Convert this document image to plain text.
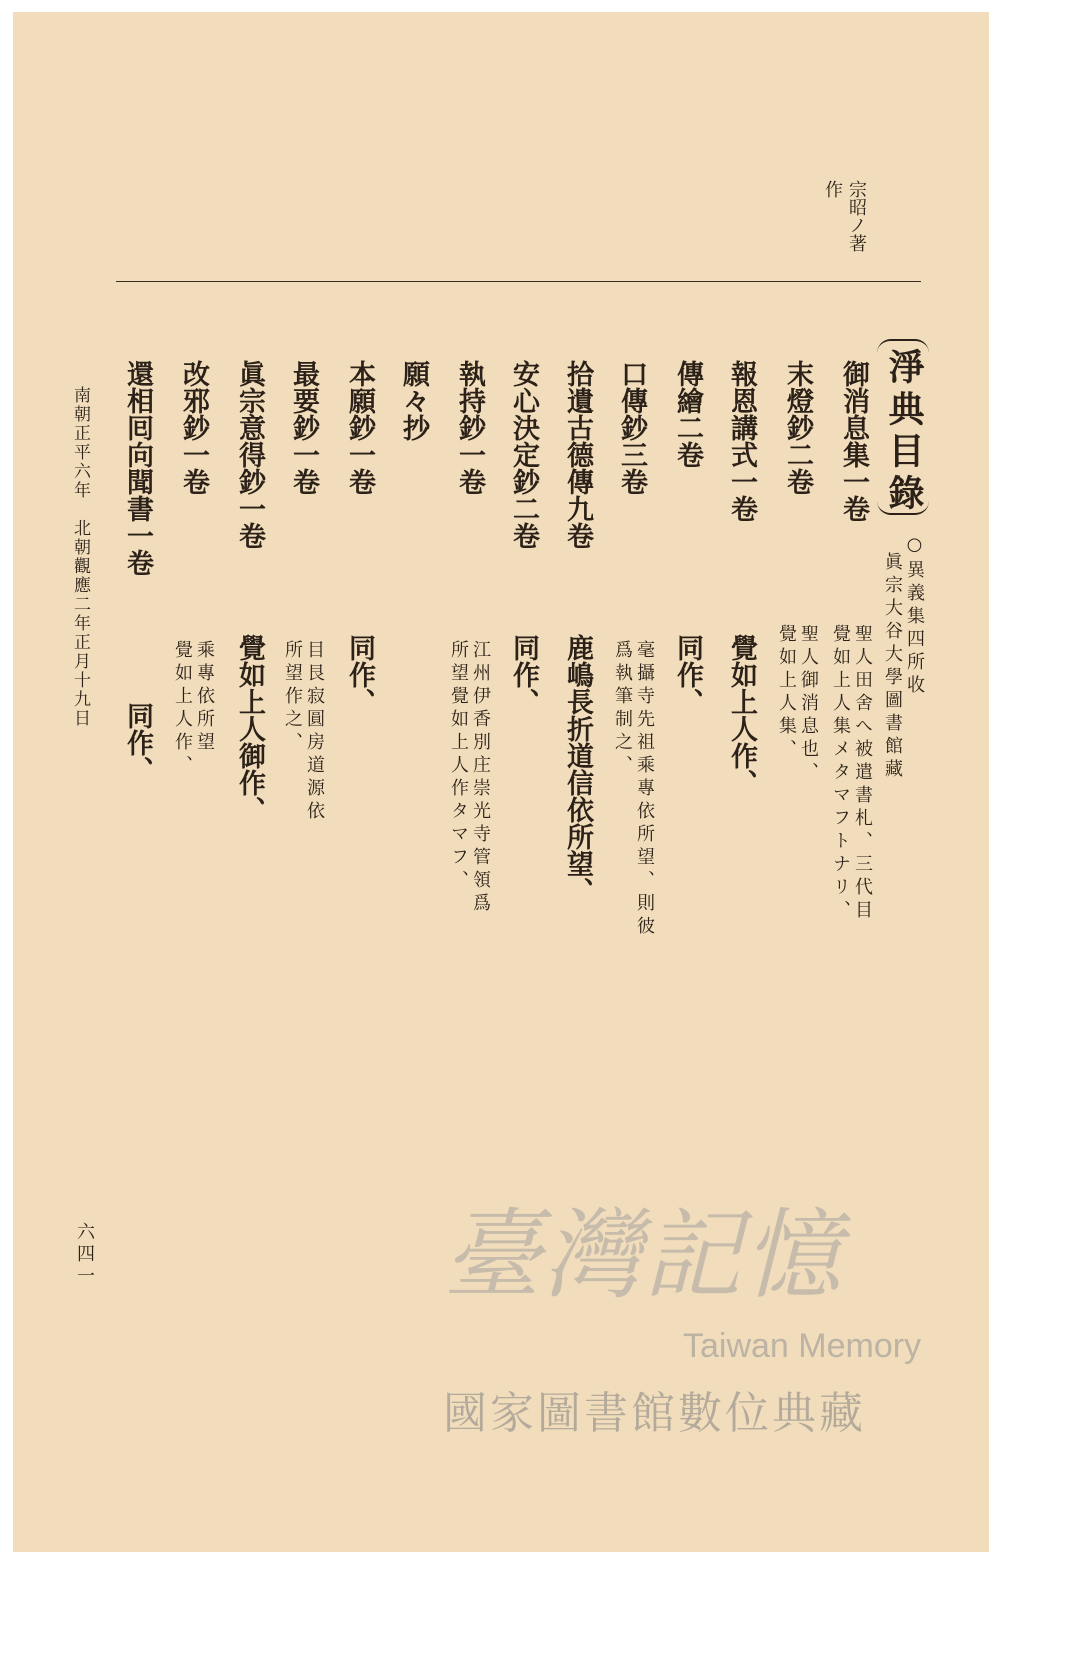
宗昭ノ著
作
淨典目錄
○異義集四所收
眞宗大谷大學圖書館藏
御消息集一卷
聖人田舍へ被遣書札、三代目
覺如上人集メタマフトナリ、
末燈鈔二卷
聖人御消息也、
覺如上人集、
報恩講式一卷
覺如上人作、
傳繪二卷
同作、
口傳鈔三卷
毫攝寺先祖乘專依所望、則彼
爲執筆制之、
拾遺古德傳九卷
鹿嶋長折道信依所望、
安心決定鈔二卷
同作、
執持鈔一卷
江州伊香別庄崇光寺管領爲
所望覺如上人作タマフ、
願々抄
本願鈔一卷
同作、
最要鈔一卷
目艮寂圓房道源依
所望作之、
眞宗意得鈔一卷
覺如上人御作、
改邪鈔一卷
乘專依所望
覺如上人作、
還相囘向聞書一卷
同作、
南朝正平六年　北朝觀應二年正月十九日
六四一	臺灣記憶
Taiwan Memory
國家圖書館數位典藏
